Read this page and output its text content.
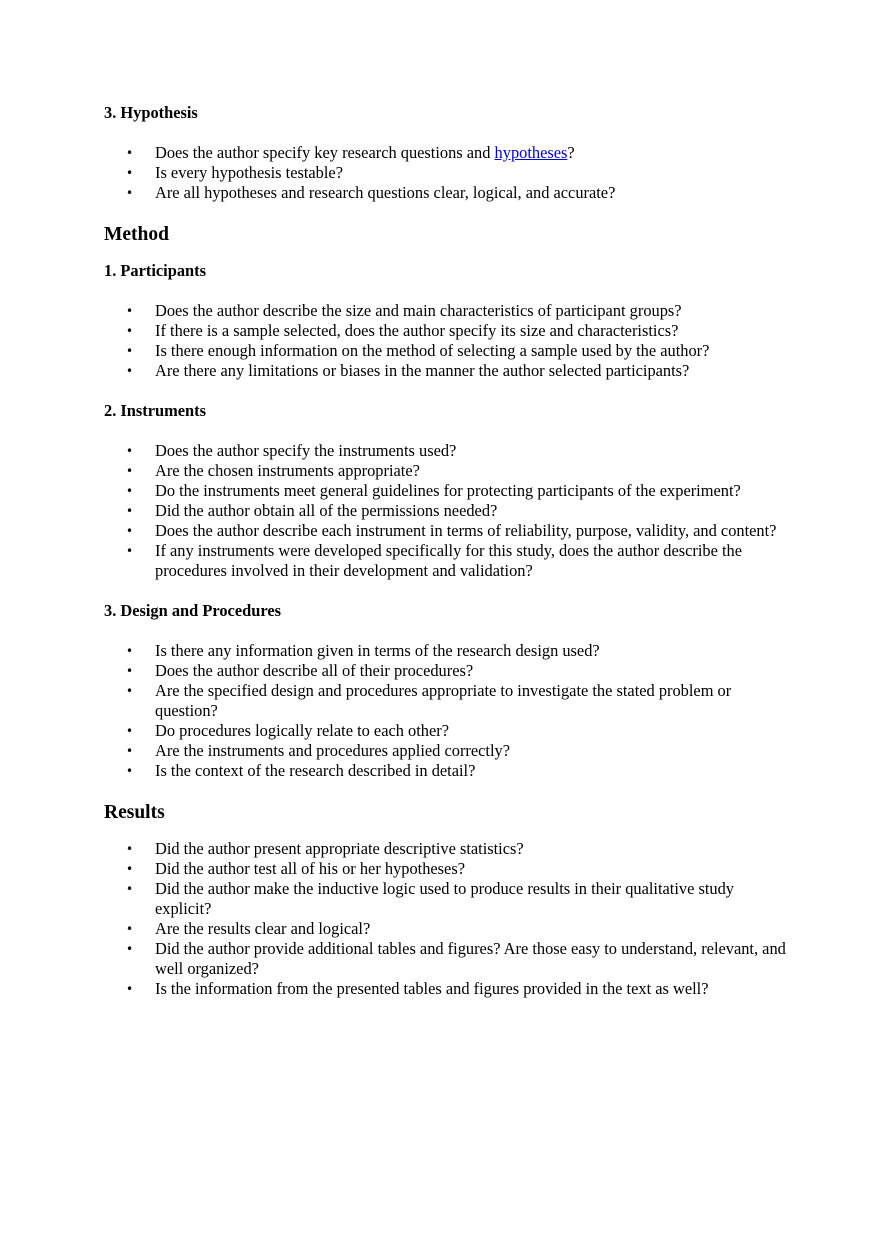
3. Hypothesis
• Does the author specify key research questions and hypotheses?
• Is every hypothesis testable?
• Are all hypotheses and research questions clear, logical, and accurate?
Method
1. Participants
• Does the author describe the size and main characteristics of participant groups?
• If there is a sample selected, does the author specify its size and characteristics?
• Is there enough information on the method of selecting a sample used by the author?
• Are there any limitations or biases in the manner the author selected participants?
2. Instruments
• Does the author specify the instruments used?
• Are the chosen instruments appropriate?
• Do the instruments meet general guidelines for protecting participants of the experiment?
• Did the author obtain all of the permissions needed?
• Does the author describe each instrument in terms of reliability, purpose, validity, and content?
• If any instruments were developed specifically for this study, does the author describe the procedures involved in their development and validation?
3. Design and Procedures
• Is there any information given in terms of the research design used?
• Does the author describe all of their procedures?
• Are the specified design and procedures appropriate to investigate the stated problem or question?
• Do procedures logically relate to each other?
• Are the instruments and procedures applied correctly?
• Is the context of the research described in detail?
Results
• Did the author present appropriate descriptive statistics?
• Did the author test all of his or her hypotheses?
• Did the author make the inductive logic used to produce results in their qualitative study explicit?
• Are the results clear and logical?
• Did the author provide additional tables and figures? Are those easy to understand, relevant, and well organized?
• Is the information from the presented tables and figures provided in the text as well?
